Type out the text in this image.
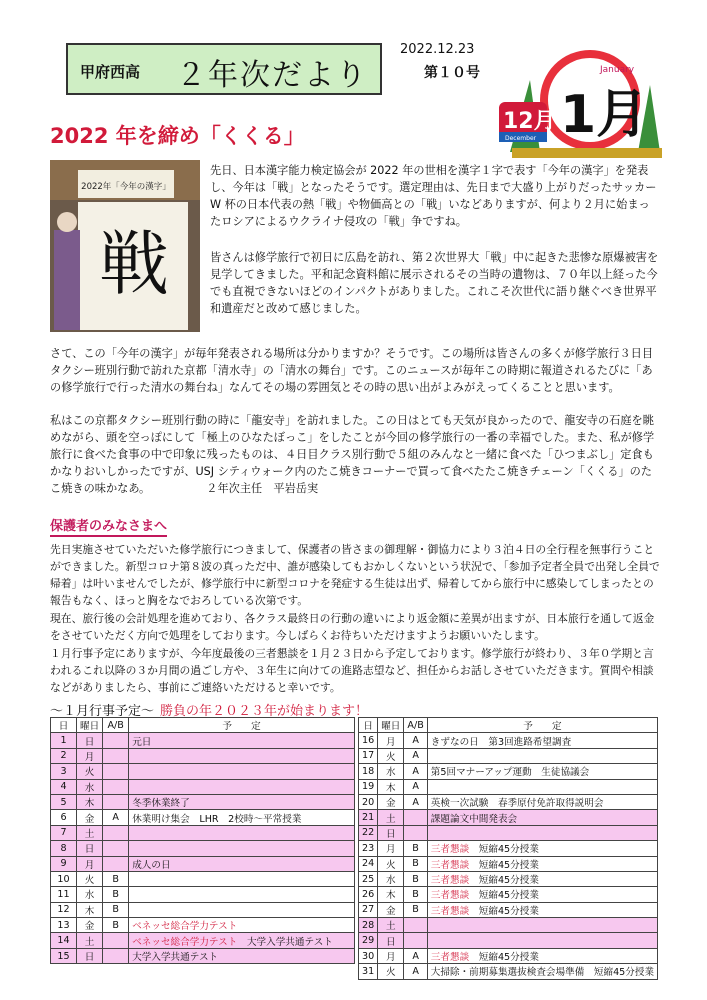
甲府西高 ２年次だより
2022.12.23
第１０号	January
1月
12月
December
2022 年を締め「くくる」
2022年「今年の漢字」
戦
先日、日本漢字能力検定協会が 2022 年の世相を漢字１字で表す「今年の漢字」を発表し、今年は「戦」となったそうです。選定理由は、先日まで大盛り上がりだったサッカーW 杯の日本代表の熱「戦」や物価高との「戦」いなどありますが、何より２月に始まったロシアによるウクライナ侵攻の「戦」争ですね。
皆さんは修学旅行で初日に広島を訪れ、第２次世界大「戦」中に起きた悲惨な原爆被害を見学してきました。平和記念資料館に展示されるその当時の遺物は、７０年以上経った今でも直視できないほどのインパクトがありました。これこそ次世代に語り継ぐべき世界平和遺産だと改めて感じました。
さて、この「今年の漢字」が毎年発表される場所は分かりますか？そうです。この場所は皆さんの多くが修学旅行３日目タクシー班別行動で訪れた京都「清水寺」の「清水の舞台」です。このニュースが毎年この時期に報道されるたびに「あの修学旅行で行った清水の舞台ね」なんてその場の雰囲気とその時の思い出がよみがえってくることと思います。
私はこの京都タクシー班別行動の時に「龍安寺」を訪れました。この日はとても天気が良かったので、龍安寺の石庭を眺めながら、頭を空っぽにして「極上のひなたぼっこ」をしたことが今回の修学旅行の一番の幸福でした。また、私が修学旅行に食べた食事の中で印象に残ったものは、４日目クラス別行動で５組のみんなと一緒に食べた「ひつまぶし」定食もかなりおいしかったですが、USJ シティウォーク内のたこ焼きコーナーで買って食べたたこ焼きチェーン「くくる」のたこ焼きの味かなあ。	２年次主任　平岩岳実
保護者のみなさまへ
先日実施させていただいた修学旅行につきまして、保護者の皆さまの御理解・御協力により３泊４日の全行程を無事行うことができました。新型コロナ第８波の真っただ中、誰が感染してもおかしくないという状況で、「参加予定者全員で出発し全員で帰着」は叶いませんでしたが、修学旅行中に新型コロナを発症する生徒は出ず、帰着してから旅行中に感染してしまったとの報告もなく、ほっと胸をなでおろしている次第です。
現在、旅行後の会計処理を進めており、各クラス最終日の行動の違いにより返金額に差異が出ますが、日本旅行を通して返金をさせていただく方向で処理をしております。今しばらくお待ちいただけますようお願いいたします。
１月行事予定にありますが、今年度最後の三者懇談を１月２３日から予定しております。修学旅行が終わり、３年０学期と言われるこれ以降の３か月間の過ごし方や、３年生に向けての進路志望など、担任からお話しさせていただきます。質問や相談などがありましたら、事前にご連絡いただけると幸いです。
～１月行事予定～ 勝負の年２０２３年が始まります！
日	曜日	A/B	予　　定
1	日		元日
2	月		
3	火		
4	水		
5	木		冬季休業終了
6	金	A	休業明け集会　LHR　2校時～平常授業
7	土		
8	日		
9	月		成人の日
10	火	B	
11	水	B	
12	木	B	
13	金	B	ベネッセ総合学力テスト　
14	土		ベネッセ総合学力テスト　 大学入学共通テスト
15	日		大学入学共通テスト
日	曜日	A/B	予　　定
16	月	A	きずなの日　第3回進路希望調査
17	火	A	
18	水	A	第5回マナーアップ運動　生徒協議会
19	木	A	
20	金	A	英検一次試験　春季原付免許取得説明会
21	土		課題論文中間発表会
22	日		
23	月	B	三者懇談　 短縮45分授業
24	火	B	三者懇談　 短縮45分授業
25	水	B	三者懇談　 短縮45分授業
26	木	B	三者懇談　 短縮45分授業
27	金	B	三者懇談　 短縮45分授業
28	土		
29	日		
30	月	A	三者懇談　 短縮45分授業
31	火	A	大掃除・前期募集選抜検査会場準備　短縮45分授業
